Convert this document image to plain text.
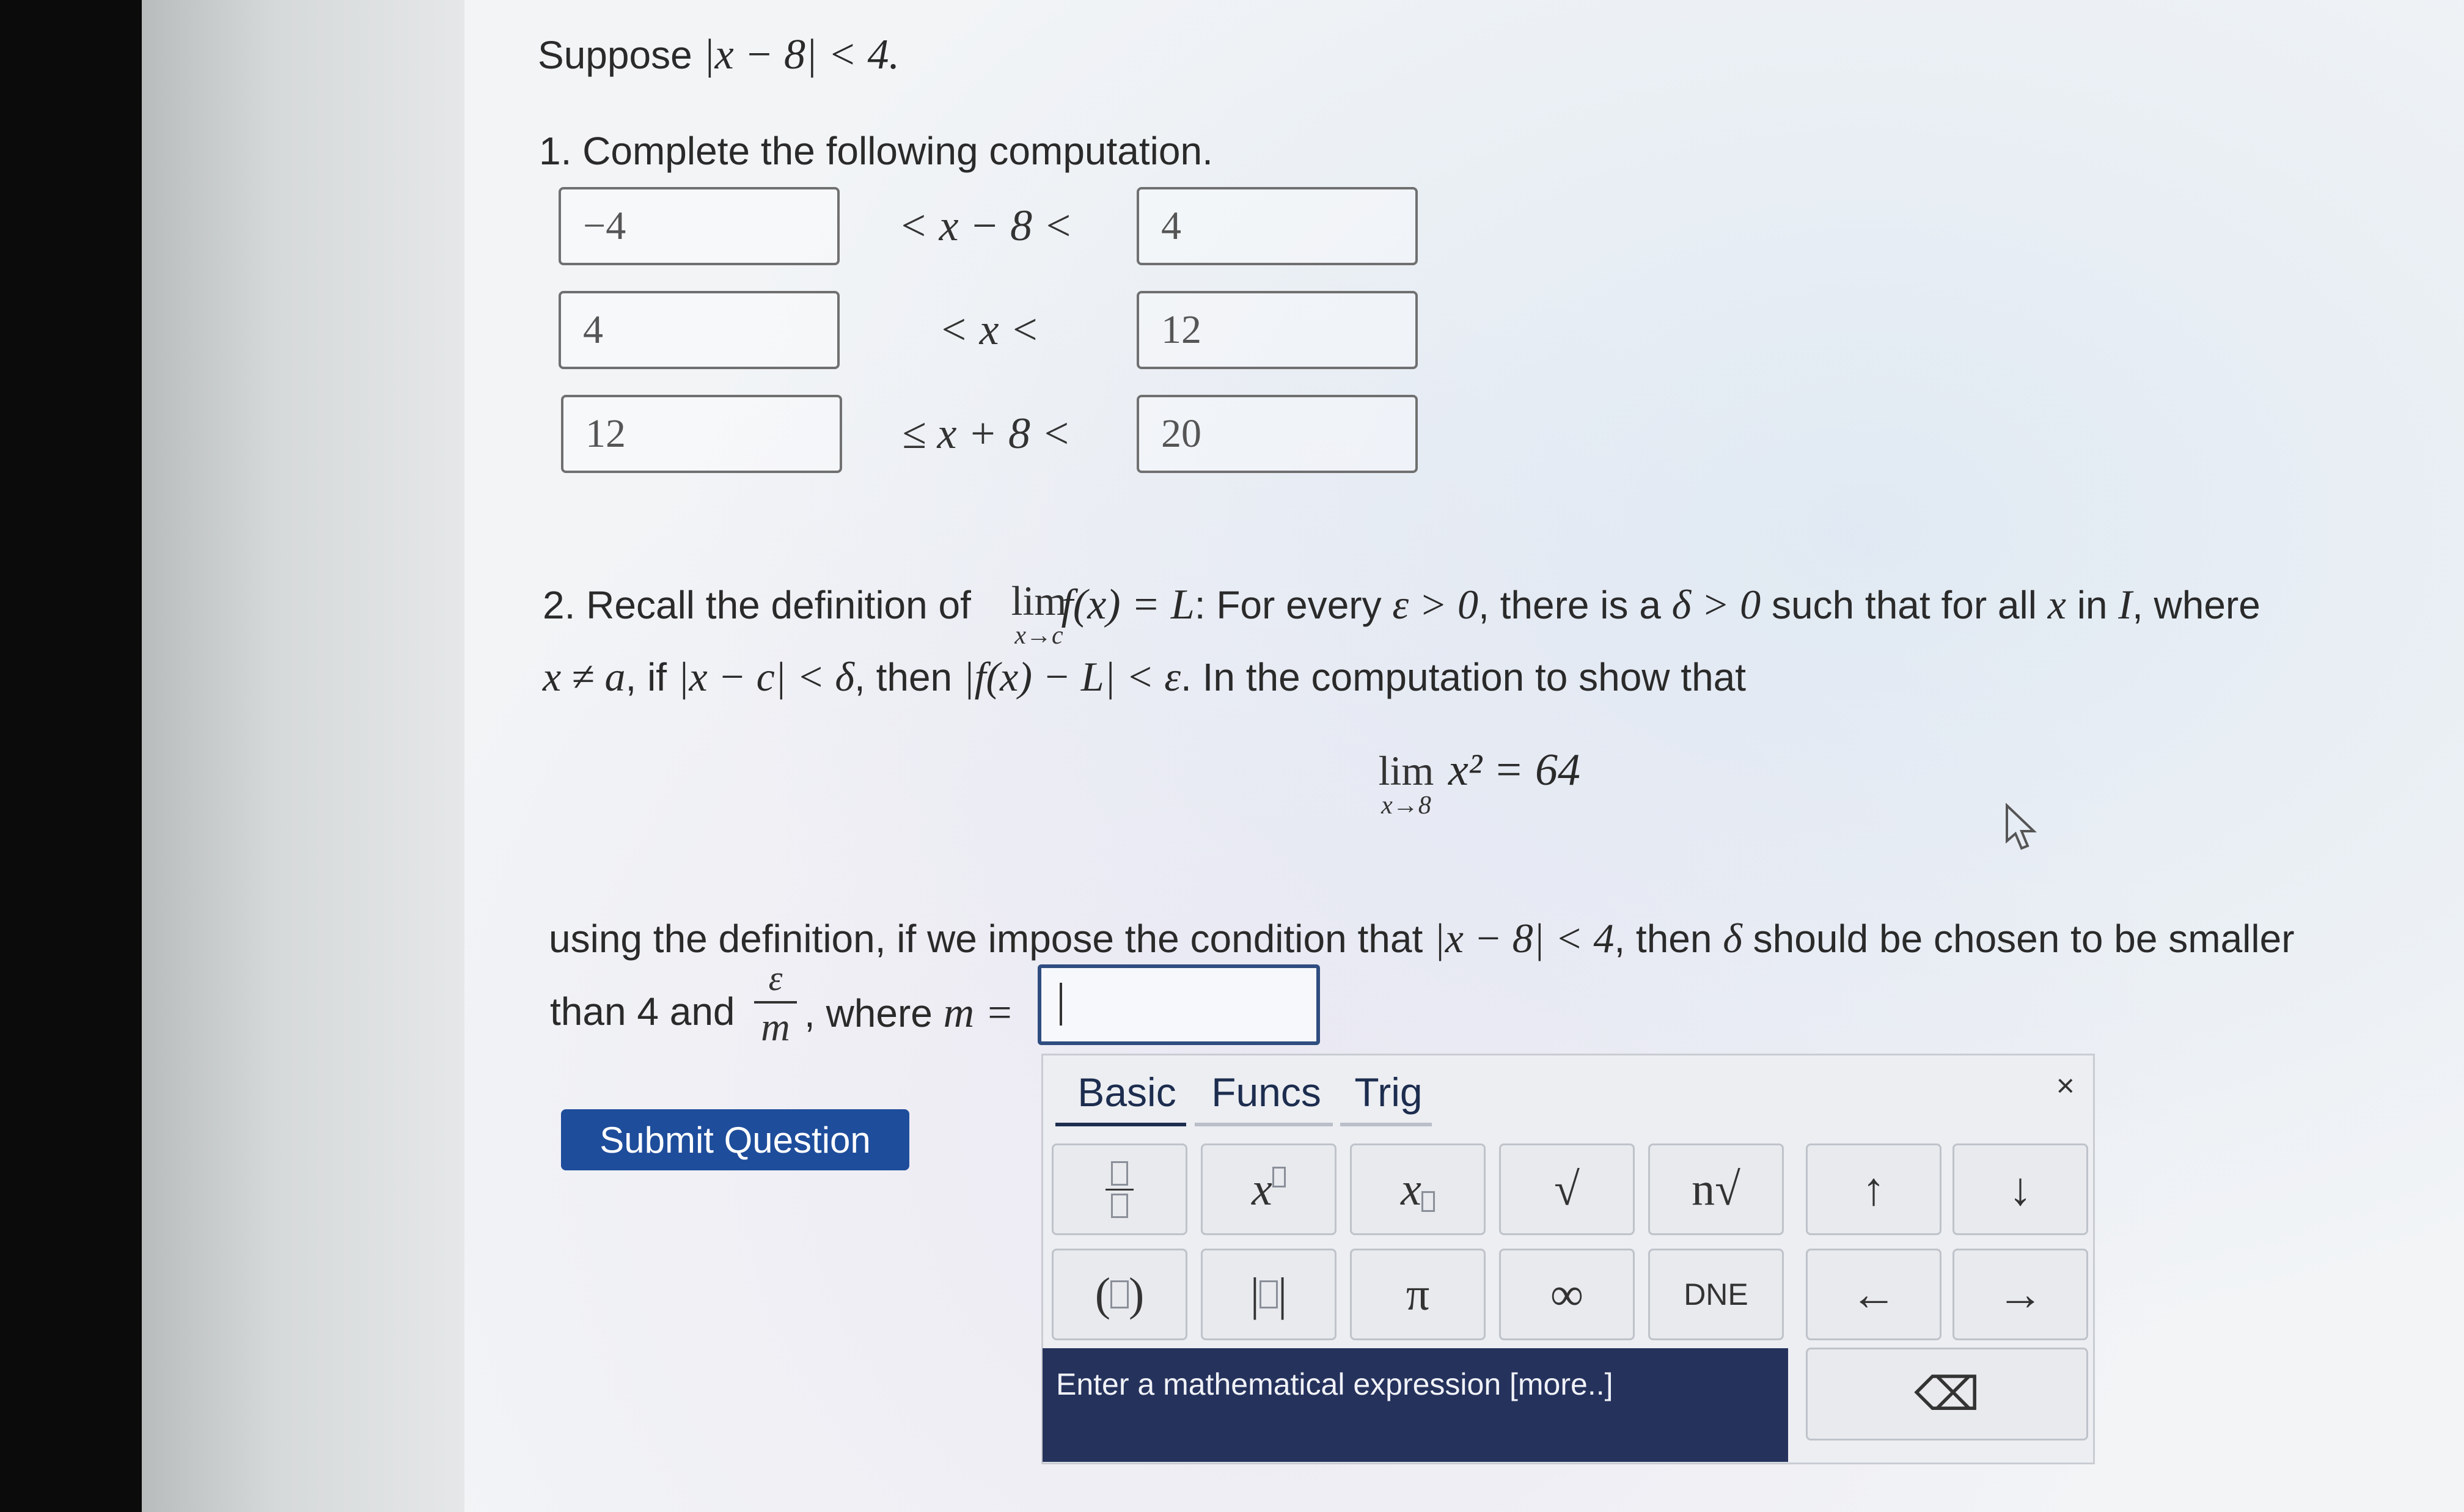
Suppose |x − 8| < 4.
1. Complete the following computation.
−4	< x − 8 <	4
4	< x <	12
12	≤ x + 8 <	20
2. Recall the definition of f(x) = L: For every ε > 0, there is a δ > 0 such that for all x in I, where
lim
x→c
x ≠ a, if |x − c| < δ, then |f(x) − L| < ε. In the computation to show that
lim
x→8
x² = 64
using the definition, if we impose the condition that |x − 8| < 4, then δ should be chosen to be smaller
than 4 and
ε
m , where m =
Submit Question
Basic Funcs Trig	×
x	x	√ n√	↑	↓
( ) | |	π	∞	DNE ← →
⌫
Enter a mathematical expression [more..]
